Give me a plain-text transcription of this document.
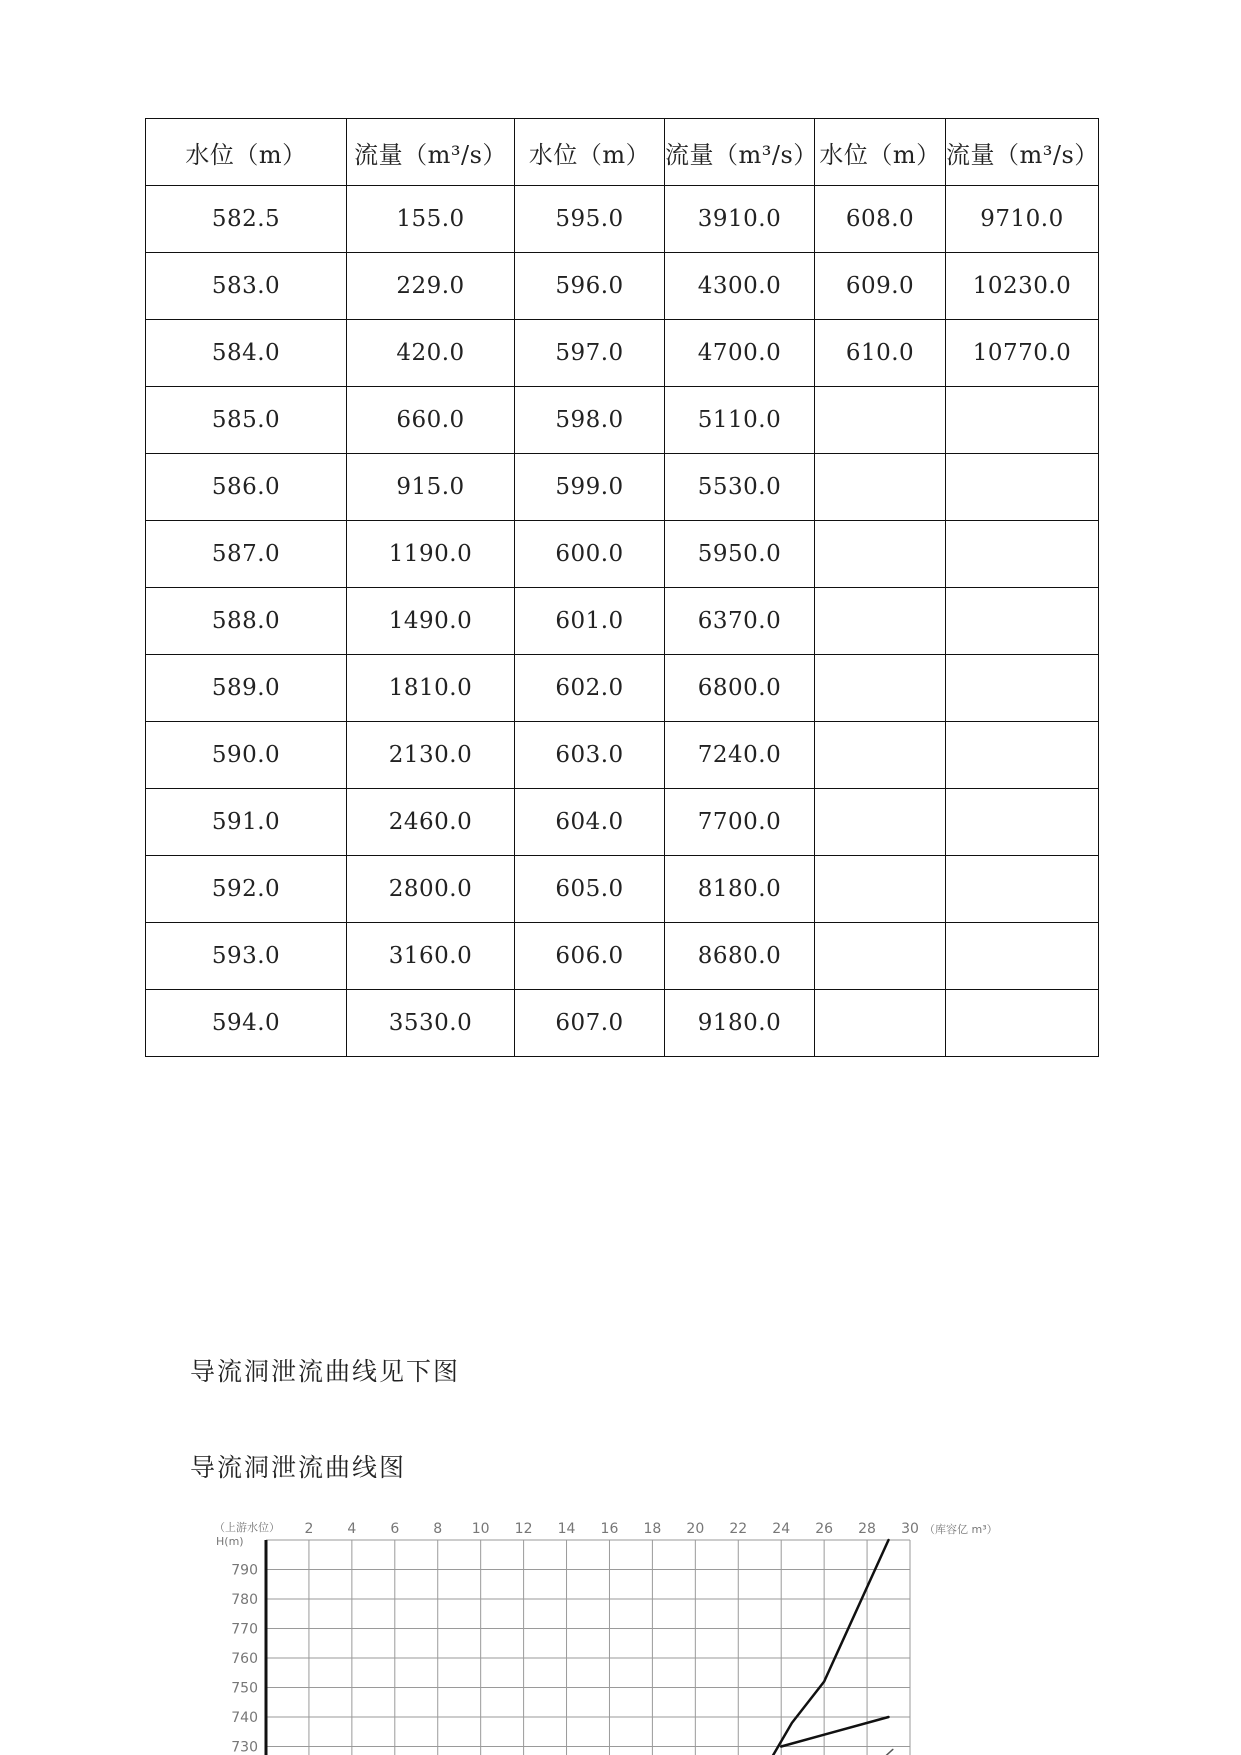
水位（m）	流量（m³/s）	水位（m）	流量（m³/s）	水位（m）	流量（m³/s）
582.5	155.0	595.0	3910.0	608.0	9710.0
583.0	229.0	596.0	4300.0	609.0	10230.0
584.0	420.0	597.0	4700.0	610.0	10770.0
585.0	660.0	598.0	5110.0		
586.0	915.0	599.0	5530.0		
587.0	1190.0	600.0	5950.0		
588.0	1490.0	601.0	6370.0		
589.0	1810.0	602.0	6800.0		
590.0	2130.0	603.0	7240.0		
591.0	2460.0	604.0	7700.0		
592.0	2800.0	605.0	8180.0		
593.0	3160.0	606.0	8680.0		
594.0	3530.0	607.0	9180.0		
导流洞泄流曲线见下图
导流洞泄流曲线图
2 4 6 8 10 12 14 16 18 20 22 24 26 28 30
790
780
770
760
750
740
730
（上游水位）
H(m)
（库容亿 m³）
